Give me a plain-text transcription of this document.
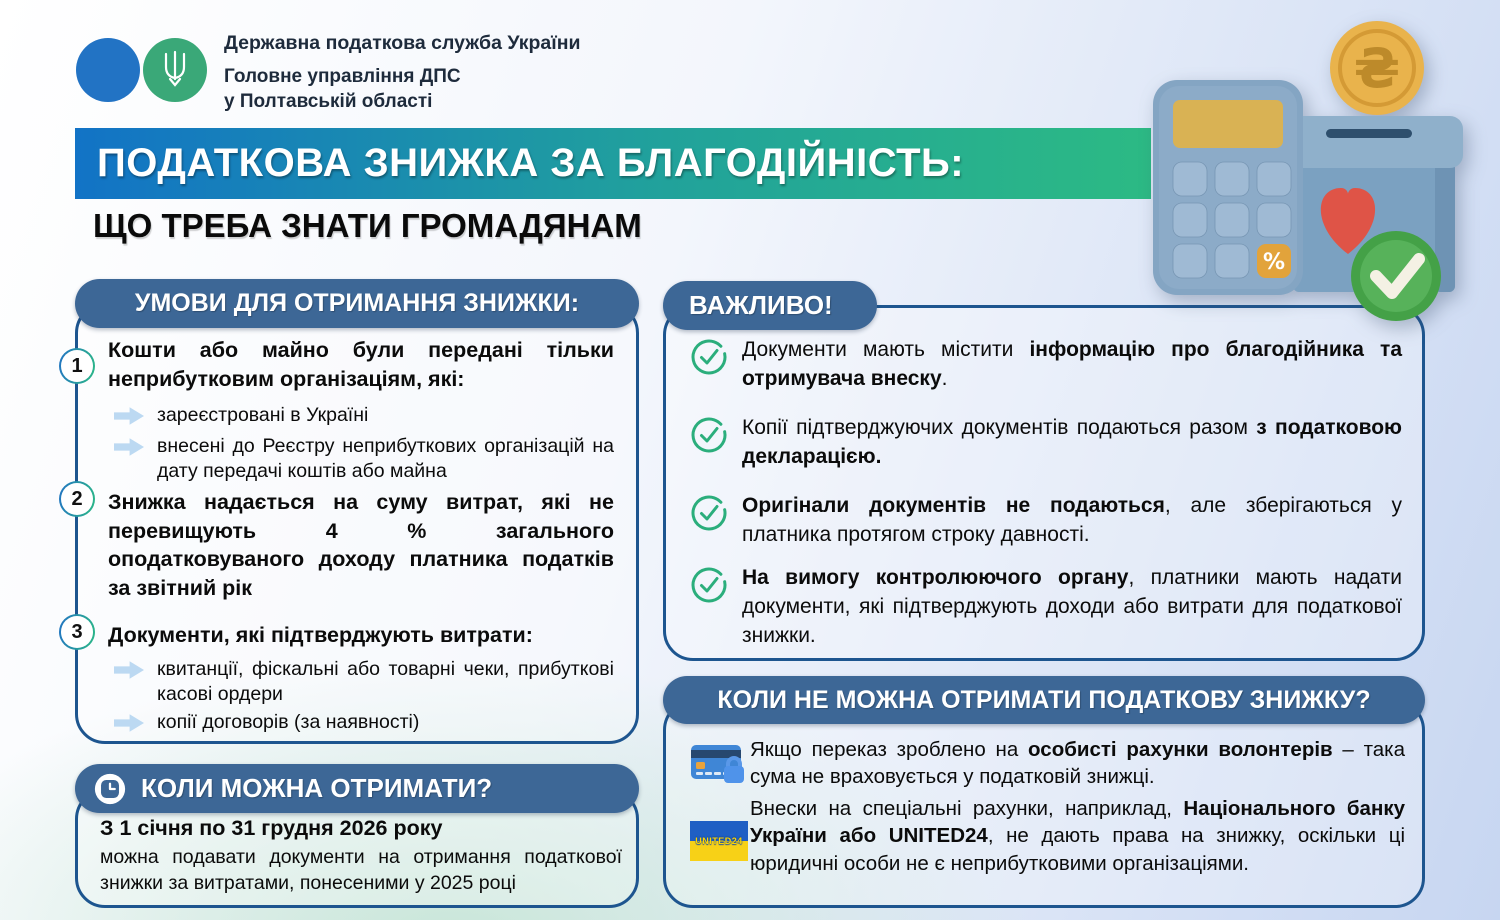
Державна податкова служба України
Головне управління ДПС
у Полтавській області
ПОДАТКОВА ЗНИЖКА ЗА БЛАГОДІЙНІСТЬ:
ЩО ТРЕБА ЗНАТИ ГРОМАДЯНАМ
УМОВИ ДЛЯ ОТРИМАННЯ ЗНИЖКИ:
1
Кошти або майно були передані тільки неприбутковим організаціям, які:
зареєстровані в Україні
внесені до Реєстру неприбуткових організацій на дату передачі коштів або майна
2 Знижка надається на суму витрат, які не перевищують 4 % загального оподатковуваного доходу платника податків за звітний рік
3 Документи, які підтверджують витрати:
квитанції, фіскальні або товарні чеки, прибуткові касові ордери
копії договорів (за наявності)
КОЛИ МОЖНА ОТРИМАТИ?
З 1 січня по 31 грудня 2026 року
можна подавати документи на отримання податкової знижки за витратами, понесеними у 2025 році
ВАЖЛИВО!
Документи мають містити інформацію про благодійника та отримувача внеску.
Копії підтверджуючих документів подаються разом з податковою декларацією.
Оригінали документів не подаються, але зберігаються у платника протягом строку давності.
На вимогу контролюючого органу, платники мають надати документи, які підтверджують доходи або витрати для податкової знижки.
КОЛИ НЕ МОЖНА ОТРИМАТИ ПОДАТКОВУ ЗНИЖКУ?
Якщо переказ зроблено на особисті рахунки волонтерів – така сума не враховується у податковій знижці.
UNITED24
Внески на спеціальні рахунки, наприклад, Національного банку України або UNITED24, не дають права на знижку, оскільки ці юридичні особи не є неприбутковими організаціями.
₴
%
